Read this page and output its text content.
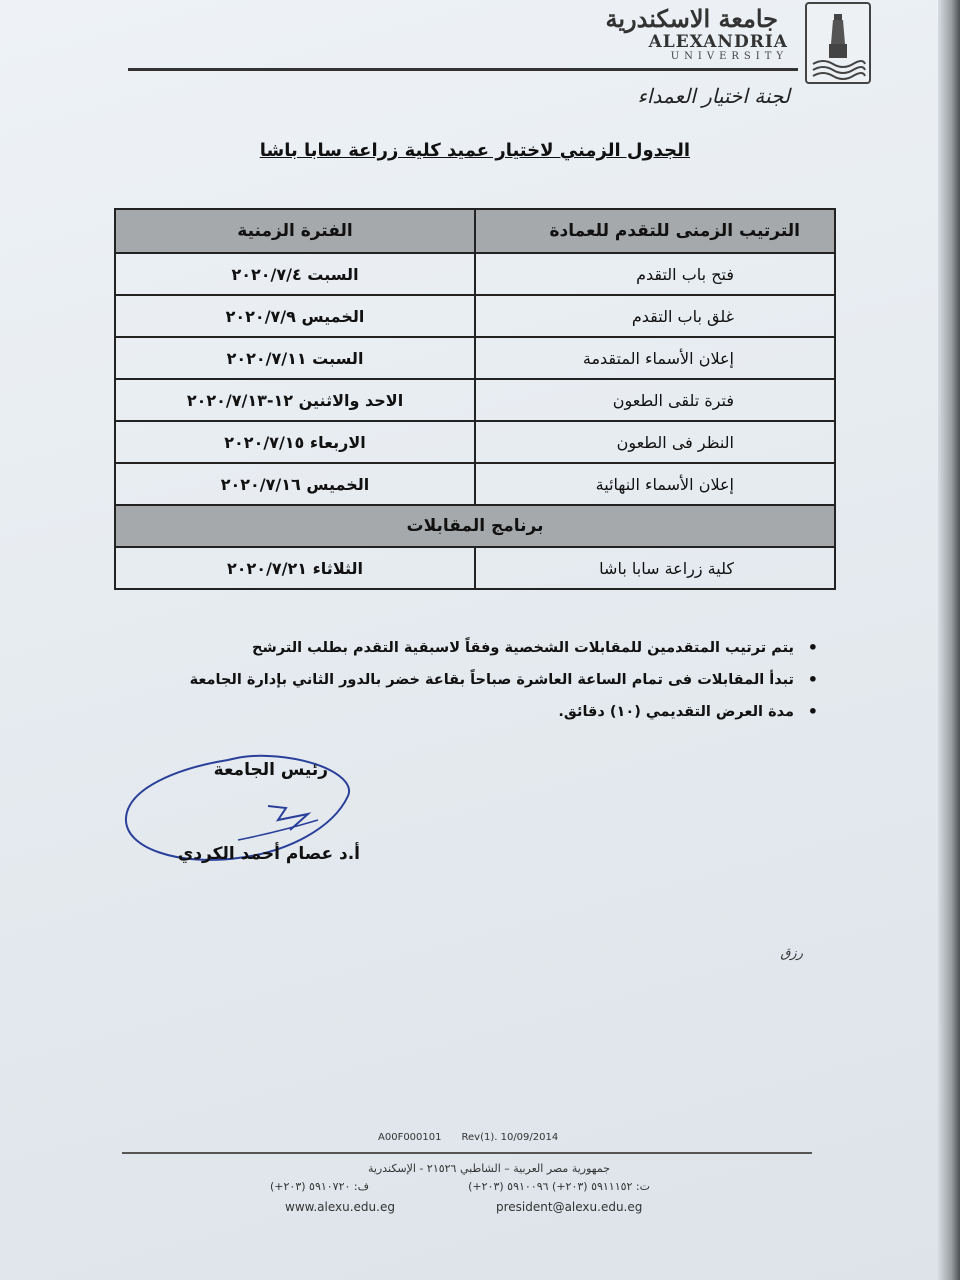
جامعة الاسكندرية
ALEXANDRIA
UNIVERSITY
لجنة اختيار العمداء
الجدول الزمني لاختيار عميد كلية زراعة سابا باشا
الترتيب الزمنى للتقدم للعمادة	الفترة الزمنية
فتح باب التقدم	السبت ٢٠٢٠/٧/٤
غلق باب التقدم	الخميس ٢٠٢٠/٧/٩
إعلان الأسماء المتقدمة	السبت ٢٠٢٠/٧/١١
فترة تلقى الطعون	الاحد والاثنين ١٢-٢٠٢٠/٧/١٣
النظر فى الطعون	الاربعاء ٢٠٢٠/٧/١٥
إعلان الأسماء النهائية	الخميس ٢٠٢٠/٧/١٦
برنامج المقابلات	
كلية زراعة سابا باشا	الثلاثاء ٢٠٢٠/٧/٢١
• يتم ترتيب المتقدمين للمقابلات الشخصية وفقاً لاسبقية التقدم بطلب الترشح
• تبدأ المقابلات فى تمام الساعة العاشرة صباحاً بقاعة خضر بالدور الثاني بإدارة الجامعة
• مدة العرض التقديمي (١٠) دقائق.
رئيس الجامعة
أ.د عصام أحمد الكردي
رزق
A00F000101 Rev(1). 10/09/2014
جمهورية مصر العربية – الشاطبي ٢١٥٢٦ - الإسكندرية
ت: ٥٩١١١٥٢ (٢٠٣+) ٥٩١٠٠٩٦ (٢٠٣+)
ف: ٥٩١٠٧٢٠ (٢٠٣+)
www.alexu.edu.eg	president@alexu.edu.eg
